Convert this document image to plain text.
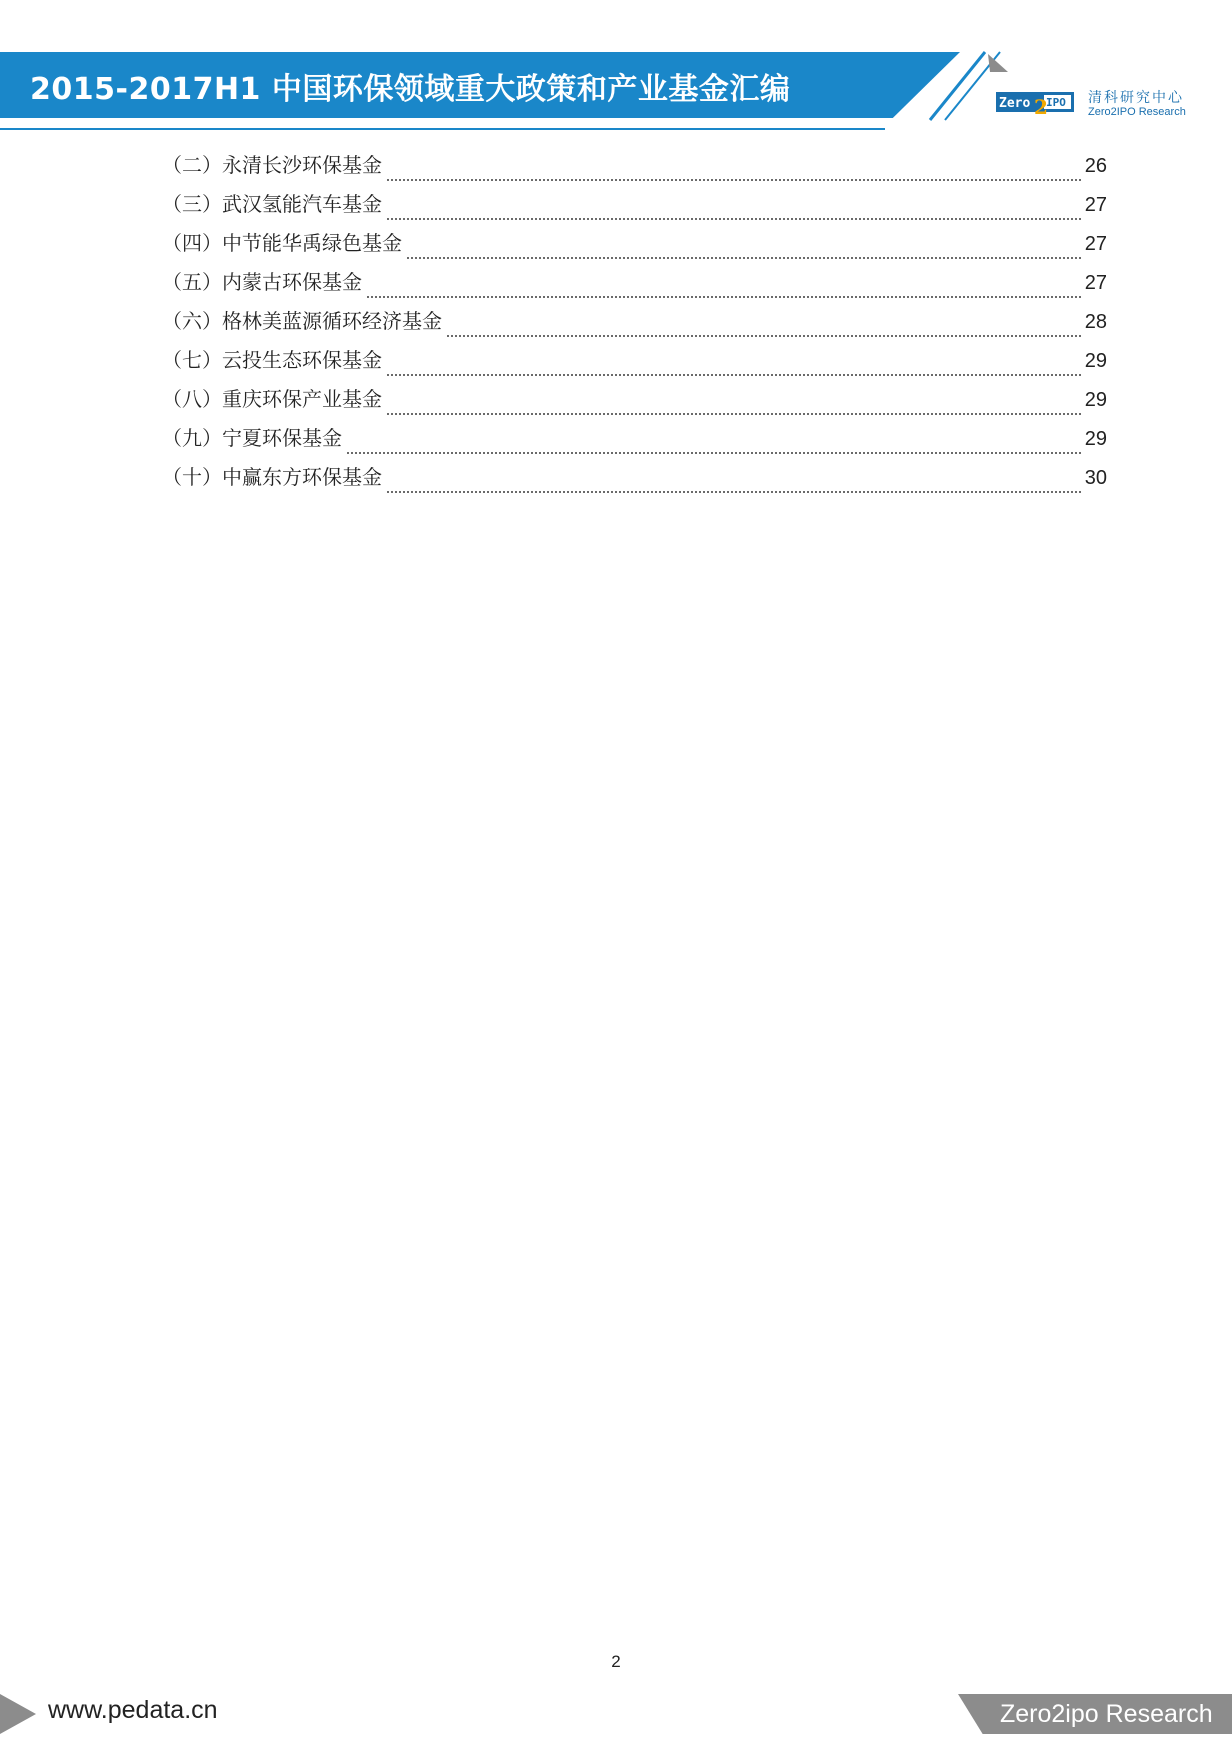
2015-2017H1 中国环保领域重大政策和产业基金汇编	Zero IPO
2	清科研究中心
Zero2IPO Research
（二） 永清长沙环保基金	26
（三） 武汉氢能汽车基金	27
（四） 中节能华禹绿色基金	27
（五） 内蒙古环保基金	27
（六） 格林美蓝源循环经济基金	28
（七） 云投生态环保基金	29
（八） 重庆环保产业基金	29
（九） 宁夏环保基金	29
（十） 中赢东方环保基金	30
2
www.pedata.cn	Zero2ipo Research
